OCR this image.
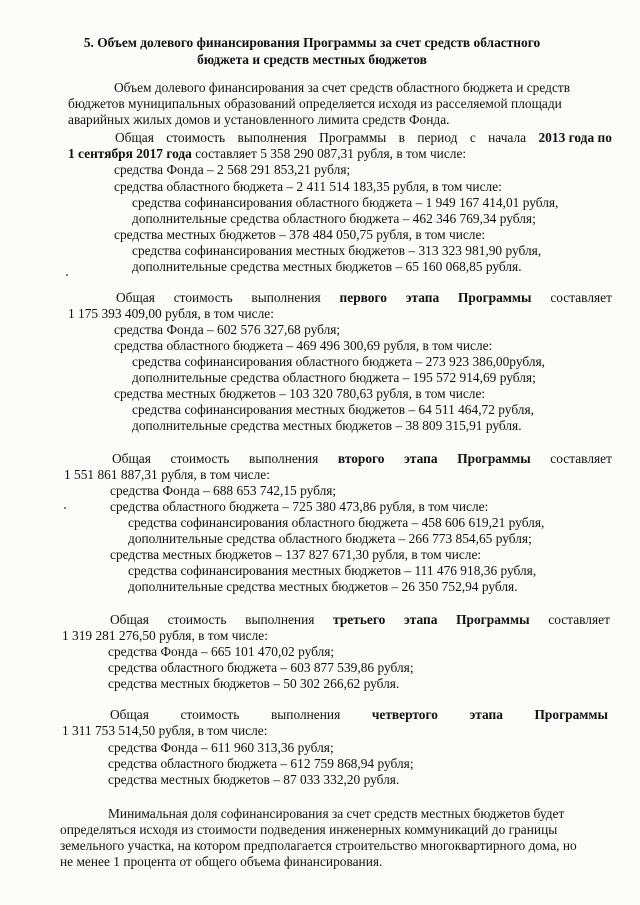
5. Объем долевого финансирования Программы за счет средств областного
бюджета и средств местных бюджетов
Объем долевого финансирования за счет средств областного бюджета и средств
бюджетов муниципальных образований определяется исходя из расселяемой площади
аварийных жилых домов и установленного лимита средств Фонда.
Общая стоимость выполнения Программы в период с начала 2013 года по
1 сентября 2017 года составляет 5 358 290 087,31 рубля, в том числе:
средства Фонда – 2 568 291 853,21 рубля;
средства областного бюджета – 2 411 514 183,35 рубля, в том числе:
средства софинансирования областного бюджета – 1 949 167 414,01 рубля,
дополнительные средства областного бюджета – 462 346 769,34 рубля;
средства местных бюджетов – 378 484 050,75 рубля, в том числе:
средства софинансирования местных бюджетов – 313 323 981,90 рубля,
дополнительные средства местных бюджетов – 65 160 068,85 рубля.
Общая стоимость выполнения первого этапа Программы составляет
1 175 393 409,00 рубля, в том числе:
средства Фонда – 602 576 327,68 рубля;
средства областного бюджета – 469 496 300,69 рубля, в том числе:
средства софинансирования областного бюджета – 273 923 386,00рубля,
дополнительные средства областного бюджета – 195 572 914,69 рубля;
средства местных бюджетов – 103 320 780,63 рубля, в том числе:
средства софинансирования местных бюджетов – 64 511 464,72 рубля,
дополнительные средства местных бюджетов – 38 809 315,91 рубля.
Общая стоимость выполнения второго этапа Программы составляет
1 551 861 887,31 рубля, в том числе:
средства Фонда – 688 653 742,15 рубля;
средства областного бюджета – 725 380 473,86 рубля, в том числе:
средства софинансирования областного бюджета – 458 606 619,21 рубля,
дополнительные средства областного бюджета – 266 773 854,65 рубля;
средства местных бюджетов – 137 827 671,30 рубля, в том числе:
средства софинансирования местных бюджетов – 111 476 918,36 рубля,
дополнительные средства местных бюджетов – 26 350 752,94 рубля.
Общая стоимость выполнения третьего этапа Программы составляет
1 319 281 276,50 рубля, в том числе:
средства Фонда – 665 101 470,02 рубля;
средства областного бюджета – 603 877 539,86 рубля;
средства местных бюджетов – 50 302 266,62 рубля.
Общая стоимость выполнения четвертого этапа Программы
1 311 753 514,50 рубля, в том числе:
средства Фонда – 611 960 313,36 рубля;
средства областного бюджета – 612 759 868,94 рубля;
средства местных бюджетов – 87 033 332,20 рубля.
Минимальная доля софинансирования за счет средств местных бюджетов будет
определяться исходя из стоимости подведения инженерных коммуникаций до границы
земельного участка, на котором предполагается строительство многоквартирного дома, но
не менее 1 процента от общего объема финансирования.
